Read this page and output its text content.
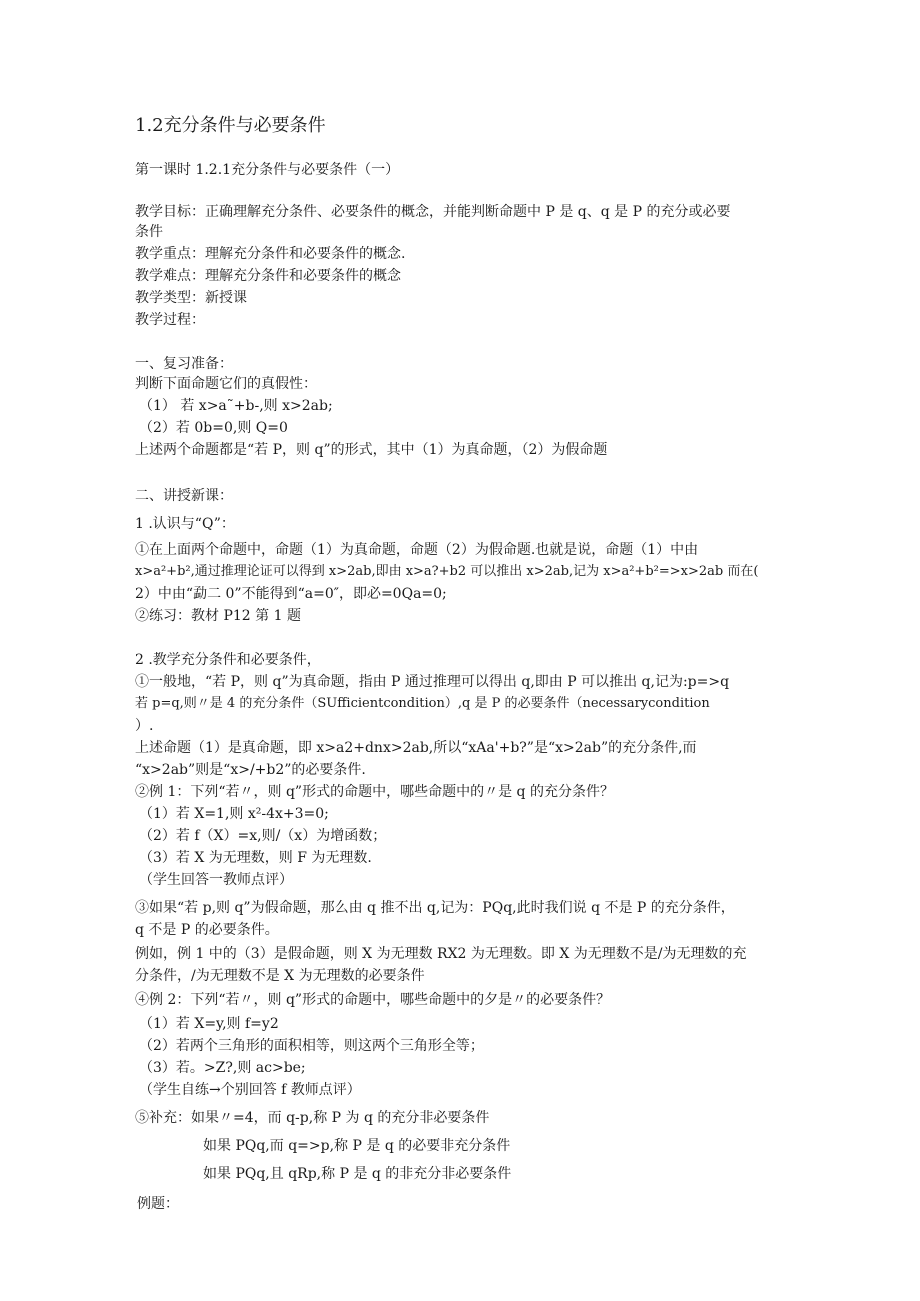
1.2充分条件与必要条件
第一课时 1.2.1充分条件与必要条件（一）
教学目标：正确理解充分条件、必要条件的概念，并能判断命题中 P 是 q、q 是 P 的充分或必要
条件
教学重点：理解充分条件和必要条件的概念.
教学难点：理解充分条件和必要条件的概念
教学类型：新授课
教学过程：
一、复习准备：
判断下面命题它们的真假性：
（1） 若 x>a˜+b-,则 x>2ab;
（2）若 0b=0,则 Q=0
上述两个命题都是“若 P，则 q”的形式，其中（1）为真命题，（2）为假命题
二、讲授新课：
1 .认识与“Q”：
①在上面两个命题中，命题（1）为真命题，命题（2）为假命题.也就是说，命题（1）中由
x>a²+b²,通过推理论证可以得到 x>2ab,即由 x>a?+b2 可以推出 x>2ab,记为 x>a²+b²=>x>2ab 而在(
2）中由“勐二 0”不能得到“a=0″，即必=0Qa=0;
②练习：教材 P12 第 1 题
2 .教学充分条件和必要条件，
①一般地，“若 P，则 q”为真命题，指由 P 通过推理可以得出 q,即由 P 可以推出 q,记为:p=>q
若 p=q,则〃是 4 的充分条件（SUfficientcondition）,q 是 P 的必要条件（necessarycondition
）.
上述命题（1）是真命题，即 x>a2+dnx>2ab,所以“xAa'+b?”是“x>2ab”的充分条件,而
“x>2ab”则是“x>/+b2”的必要条件.
②例 1：下列“若〃，则 q”形式的命题中，哪些命题中的〃是 q 的充分条件？
（1）若 X=1,则 x²-4x+3=0;
（2）若 f（X）=x,则/（x）为增函数；
（3）若 X 为无理数，则 F 为无理数.
（学生回答一教师点评）
③如果“若 p,则 q”为假命题，那么由 q 推不出 q,记为：PQq,此时我们说 q 不是 P 的充分条件，
q 不是 P 的必要条件。
例如，例 1 中的（3）是假命题，则 X 为无理数 RX2 为无理数。即 X 为无理数不是/为无理数的充
分条件，/为无理数不是 X 为无理数的必要条件
④例 2：下列“若〃，则 q”形式的命题中，哪些命题中的夕是〃的必要条件？
（1）若 X=y,则 f=y2
（2）若两个三角形的面积相等，则这两个三角形全等；
（3）若。>Z?,则 ac>be;
（学生自练→个别回答 f 教师点评）
⑤补充：如果〃=4，而 q-p,称 P 为 q 的充分非必要条件
如果 PQq,而 q=>p,称 P 是 q 的必要非充分条件
如果 PQq,且 qRp,称 P 是 q 的非充分非必要条件
例题：
